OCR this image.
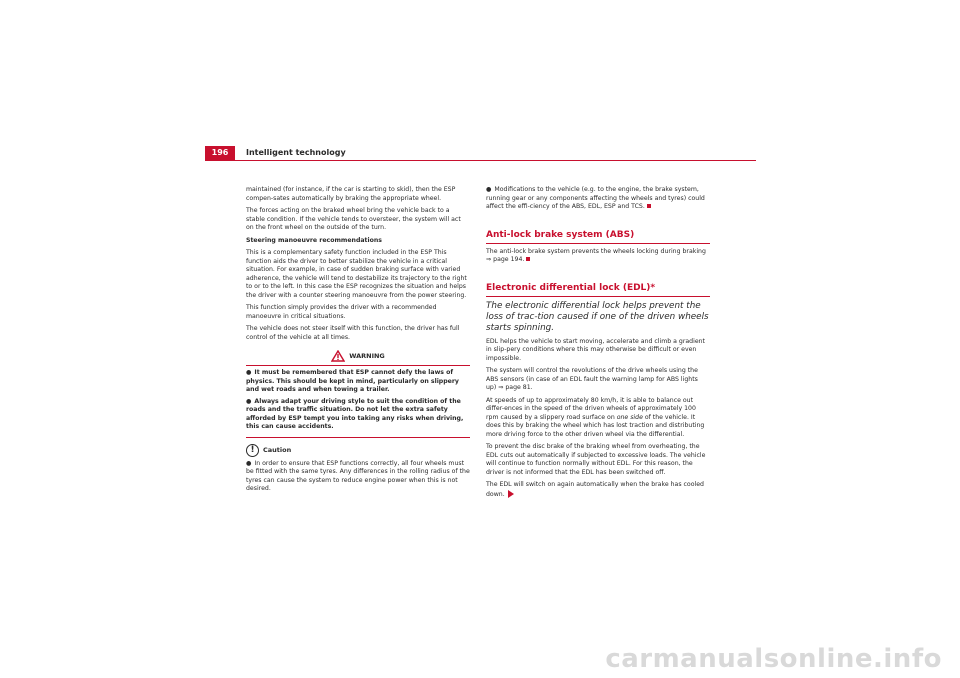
196	Intelligent technology

maintained (for instance, if the car is starting to skid), then the ESP compen-sates automatically by braking the appropriate wheel.

The forces acting on the braked wheel bring the vehicle back to a stable condition. If the vehicle tends to oversteer, the system will act on the front wheel on the outside of the turn.

Steering manoeuvre recommendations

This is a complementary safety function included in the ESP This function aids the driver to better stabilize the vehicle in a critical situation. For example, in case of sudden braking surface with varied adherence, the vehicle will tend to destabilize its trajectory to the right to or to the left. In this case the ESP recognizes the situation and helps the driver with a counter steering manoeuvre from the power steering.

This function simply provides the driver with a recommended manoeuvre in critical situations.

The vehicle does not steer itself with this function, the driver has full control of the vehicle at all times.

WARNING

● It must be remembered that ESP cannot defy the laws of physics. This should be kept in mind, particularly on slippery and wet roads and when towing a trailer.

● Always adapt your driving style to suit the condition of the roads and the traffic situation. Do not let the extra safety afforded by ESP tempt you into taking any risks when driving, this can cause accidents.

!	Caution

● In order to ensure that ESP functions correctly, all four wheels must be fitted with the same tyres. Any differences in the rolling radius of the tyres can cause the system to reduce engine power when this is not desired.

● Modifications to the vehicle (e.g. to the engine, the brake system, running gear or any components affecting the wheels and tyres) could affect the effi-ciency of the ABS, EDL, ESP and TCS.

Anti-lock brake system (ABS)

The anti-lock brake system prevents the wheels locking during braking ⇒ page 194.

Electronic differential lock (EDL)*

The electronic differential lock helps prevent the loss of trac-tion caused if one of the driven wheels starts spinning.

EDL helps the vehicle to start moving, accelerate and climb a gradient in slip-pery conditions where this may otherwise be difficult or even impossible.

The system will control the revolutions of the drive wheels using the ABS sensors (in case of an EDL fault the warning lamp for ABS lights up) ⇒ page 81.

At speeds of up to approximately 80 km/h, it is able to balance out differ-ences in the speed of the driven wheels of approximately 100 rpm caused by a slippery road surface on one side of the vehicle. It does this by braking the wheel which has lost traction and distributing more driving force to the other driven wheel via the differential.

To prevent the disc brake of the braking wheel from overheating, the EDL cuts out automatically if subjected to excessive loads. The vehicle will continue to function normally without EDL. For this reason, the driver is not informed that the EDL has been switched off.

The EDL will switch on again automatically when the brake has cooled down.

carmanualsonline.info
